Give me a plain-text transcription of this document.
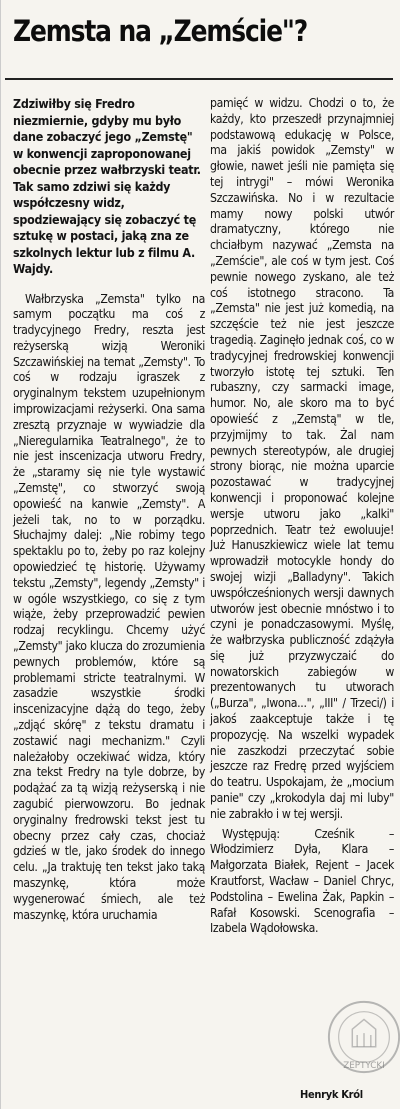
Zemsta na „Zemście"?

Zdziwiłby się Fredro niezmiernie, gdyby mu było dane zobaczyć jego „Zemstę" w konwencji zaproponowanej obecnie przez wałbrzyski teatr. Tak samo zdziwi się każdy współczesny widz, spodziewający się zobaczyć tę sztukę w postaci, jaką zna ze szkolnych lektur lub z filmu A. Wajdy.

Wałbrzyska „Zemsta" tylko na samym początku ma coś z tradycyjnego Fredry, reszta jest reżyserską wizją Weroniki Szczawińskiej na temat „Zemsty". To coś w rodzaju igraszek z oryginalnym tekstem uzupełnionym improwizacjami reżyserki. Ona sama zresztą przyznaje w wywiadzie dla „Nieregularnika Teatralnego", że to nie jest inscenizacja utworu Fredry, że „staramy się nie tyle wystawić „Zemstę", co stworzyć swoją opowieść na kanwie „Zemsty". A jeżeli tak, no to w porządku. Słuchajmy dalej: „Nie robimy tego spektaklu po to, żeby po raz kolejny opowiedzieć tę historię. Używamy tekstu „Zemsty", legendy „Zemsty" i w ogóle wszystkiego, co się z tym wiąże, żeby przeprowadzić pewien rodzaj recyklingu. Chcemy użyć „Zemsty" jako klucza do zrozumienia pewnych problemów, które są problemami stricte teatralnymi. W zasadzie wszystkie środki inscenizacyjne dążą do tego, żeby „zdjąć skórę" z tekstu dramatu i zostawić nagi mechanizm." Czyli należałoby oczekiwać widza, który zna tekst Fredry na tyle dobrze, by podążać za tą wizją reżyserską i nie zagubić pierwowzoru. Bo jednak oryginalny fredrowski tekst jest tu obecny przez cały czas, chociaż gdzieś w tle, jako środek do innego celu. „Ja traktuję ten tekst jako taką maszynkę, która może wygenerować śmiech, ale też maszynkę, która uruchamia

pamięć w widzu. Chodzi o to, że każdy, kto przeszedł przynajmniej podstawową edukację w Polsce, ma jakiś powidok „Zemsty" w głowie, nawet jeśli nie pamięta się tej intrygi" – mówi Weronika Szczawińska. No i w rezultacie mamy nowy polski utwór dramatyczny, którego nie chciałbym nazywać „Zemsta na „Zemście", ale coś w tym jest. Coś pewnie nowego zyskano, ale też coś istotnego stracono. Ta „Zemsta" nie jest już komedią, na szczęście też nie jest jeszcze tragedią. Zaginęło jednak coś, co w tradycyjnej fredrowskiej konwencji tworzyło istotę tej sztuki. Ten rubaszny, czy sarmacki image, humor. No, ale skoro ma to być opowieść z „Zemstą" w tle, przyjmijmy to tak. Żal nam pewnych stereotypów, ale drugiej strony biorąc, nie można uparcie pozostawać w tradycyjnej konwencji i proponować kolejne wersje utworu jako „kalki" poprzednich. Teatr też ewoluuje! Już Hanuszkiewicz wiele lat temu wprowadził motocykle hondy do swojej wizji „Balladyny". Takich uwspółcześnionych wersji dawnych utworów jest obecnie mnóstwo i to czyni je ponadczasowymi. Myślę, że wałbrzyska publiczność zdążyła się już przyzwyczaić do nowatorskich zabiegów w prezentowanych tu utworach („Burza", „Iwona...", „III" / Trzeci/) i jakoś zaakceptuje także i tę propozycję. Na wszelki wypadek nie zaszkodzi przeczytać sobie jeszcze raz Fredrę przed wyjściem do teatru. Uspokajam, że „mocium panie" czy „krokodyla daj mi luby" nie zabrakło i w tej wersji.

Występują: Cześnik – Włodzimierz Dyła, Klara – Małgorzata Białek, Rejent – Jacek Krautforst, Wacław – Daniel Chryc, Podstolina – Ewelina Żak, Papkin – Rafał Kosowski. Scenografia – Izabela Wądołowska.

ZEPTYCKI
Henryk Król
